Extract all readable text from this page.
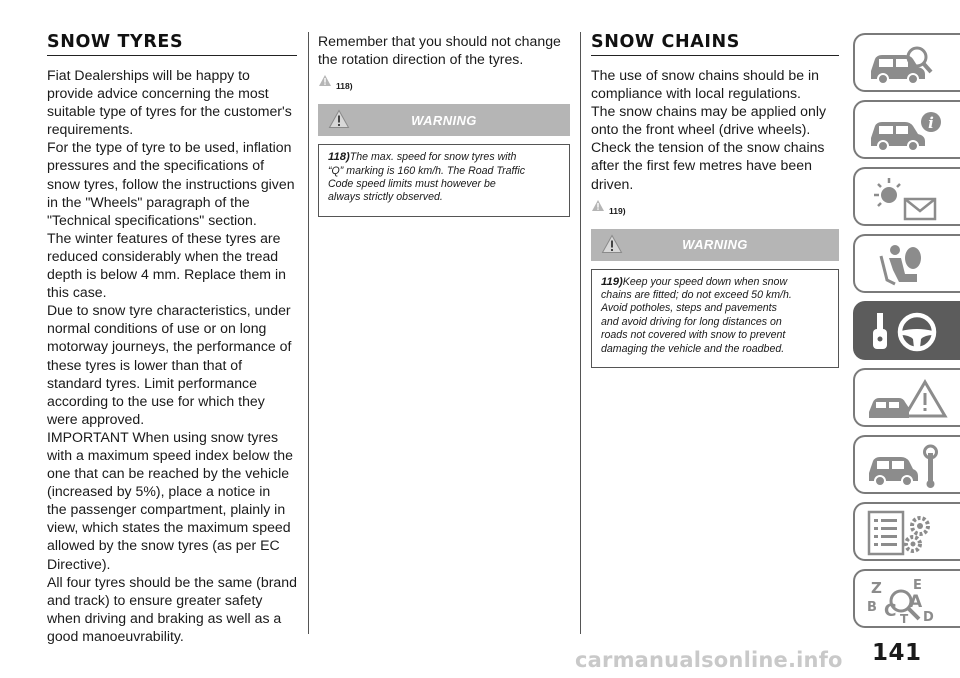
SNOW TYRES

Fiat Dealerships will be happy to

provide advice concerning the most

suitable type of tyres for the customer's

requirements.

For the type of tyre to be used, inflation

pressures and the specifications of

snow tyres, follow the instructions given

in the "Wheels" paragraph of the

"Technical specifications" section.

The winter features of these tyres are

reduced considerably when the tread

depth is below 4 mm. Replace them in

this case.

Due to snow tyre characteristics, under

normal conditions of use or on long

motorway journeys, the performance of

these tyres is lower than that of

standard tyres. Limit performance

according to the use for which they

were approved.

IMPORTANT When using snow tyres

with a maximum speed index below the

one that can be reached by the vehicle

(increased by 5%), place a notice in

the passenger compartment, plainly in

view, which states the maximum speed

allowed by the snow tyres (as per EC

Directive).

All four tyres should be the same (brand

and track) to ensure greater safety

when driving and braking as well as a

good manoeuvrability.

Remember that you should not change

the rotation direction of the tyres.

118)
WARNING
118)The max. speed for snow tyres with
“Q” marking is 160 km/h. The Road Traffic
Code speed limits must however be
always strictly observed.
SNOW CHAINS

The use of snow chains should be in

compliance with local regulations.

The snow chains may be applied only

onto the front wheel (drive wheels).

Check the tension of the snow chains

after the first few metres have been

driven.

119)
WARNING
119)Keep your speed down when snow
chains are fitted; do not exceed 50 km/h.
Avoid potholes, steps and pavements
and avoid driving for long distances on
roads not covered with snow to prevent
damaging the vehicle and the roadbed.
i
Z E
A
B C T D
141
carmanualsonline.info
